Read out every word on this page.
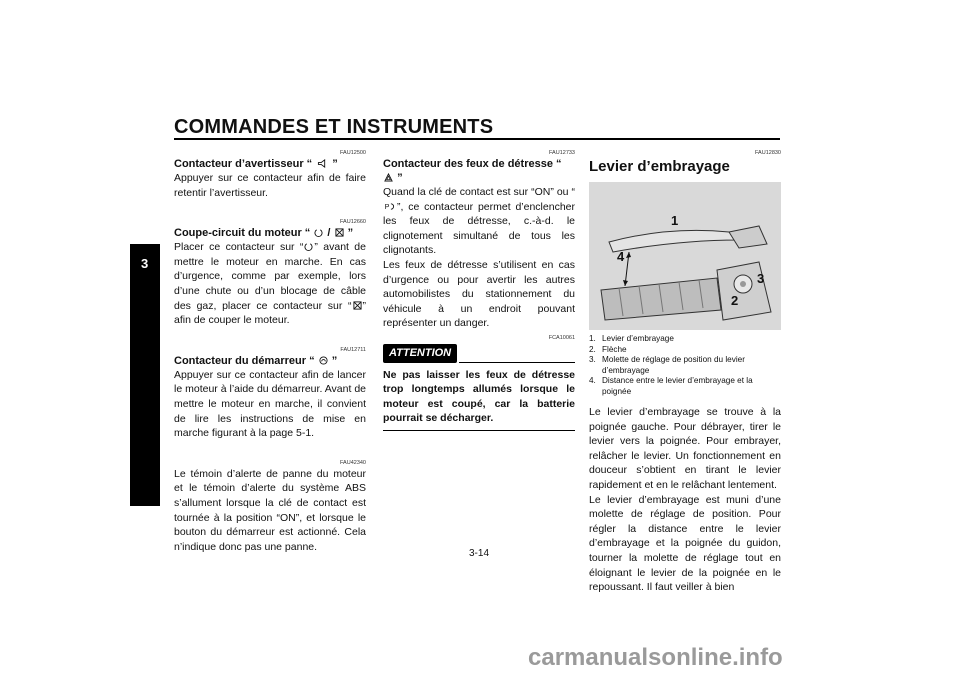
COMMANDES ET INSTRUMENTS
3
FAU12500
Contacteur d’avertisseur “ ”
Appuyer sur ce contacteur afin de faire retentir l’avertisseur.
FAU12660
Coupe-circuit du moteur “ / ”
Placer ce contacteur sur “ ” avant de mettre le moteur en marche. En cas d’urgence, comme par exemple, lors d’une chute ou d’un blocage de câble des gaz, placer ce contacteur sur “ ” afin de couper le moteur.
FAU12711
Contacteur du démarreur “ ”
Appuyer sur ce contacteur afin de lancer le moteur à l’aide du démarreur. Avant de mettre le moteur en marche, il convient de lire les instructions de mise en marche figurant à la page 5-1.
FAU42340
Le témoin d’alerte de panne du moteur et le témoin d’alerte du système ABS s’allument lorsque la clé de contact est tournée à la position “ON”, et lorsque le bouton du démarreur est actionné. Cela n’indique donc pas une panne.
FAU12733
Contacteur des feux de détresse “  ”
Quand la clé de contact est sur “ON” ou “
P ”, ce contacteur permet d’enclencher les feux de détresse, c.-à-d. le clignotement simultané de tous les clignotants.
Les feux de détresse s’utilisent en cas d’urgence ou pour avertir les autres automobilistes du stationnement du véhicule à un endroit pouvant représenter un danger.
FCA10061
ATTENTION
Ne pas laisser les feux de détresse trop longtemps allumés lorsque le moteur est coupé, car la batterie pourrait se décharger.
FAU12830
Levier d’embrayage
1
4
3
2
1. Levier d’embrayage
2. Flèche
3. Molette de réglage de position du levier d’embrayage
4. Distance entre le levier d’embrayage et la poignée
Le levier d’embrayage se trouve à la poignée gauche. Pour débrayer, tirer le levier vers la poignée. Pour embrayer, relâcher le levier. Un fonctionnement en douceur s’obtient en tirant le levier rapidement et en le relâchant lentement.
Le levier d’embrayage est muni d’une molette de réglage de position. Pour régler la distance entre le levier d’embrayage et la poignée du guidon, tourner la molette de réglage tout en éloignant le levier de la poignée en le repoussant. Il faut veiller à bien
3-14
carmanualsonline.info
